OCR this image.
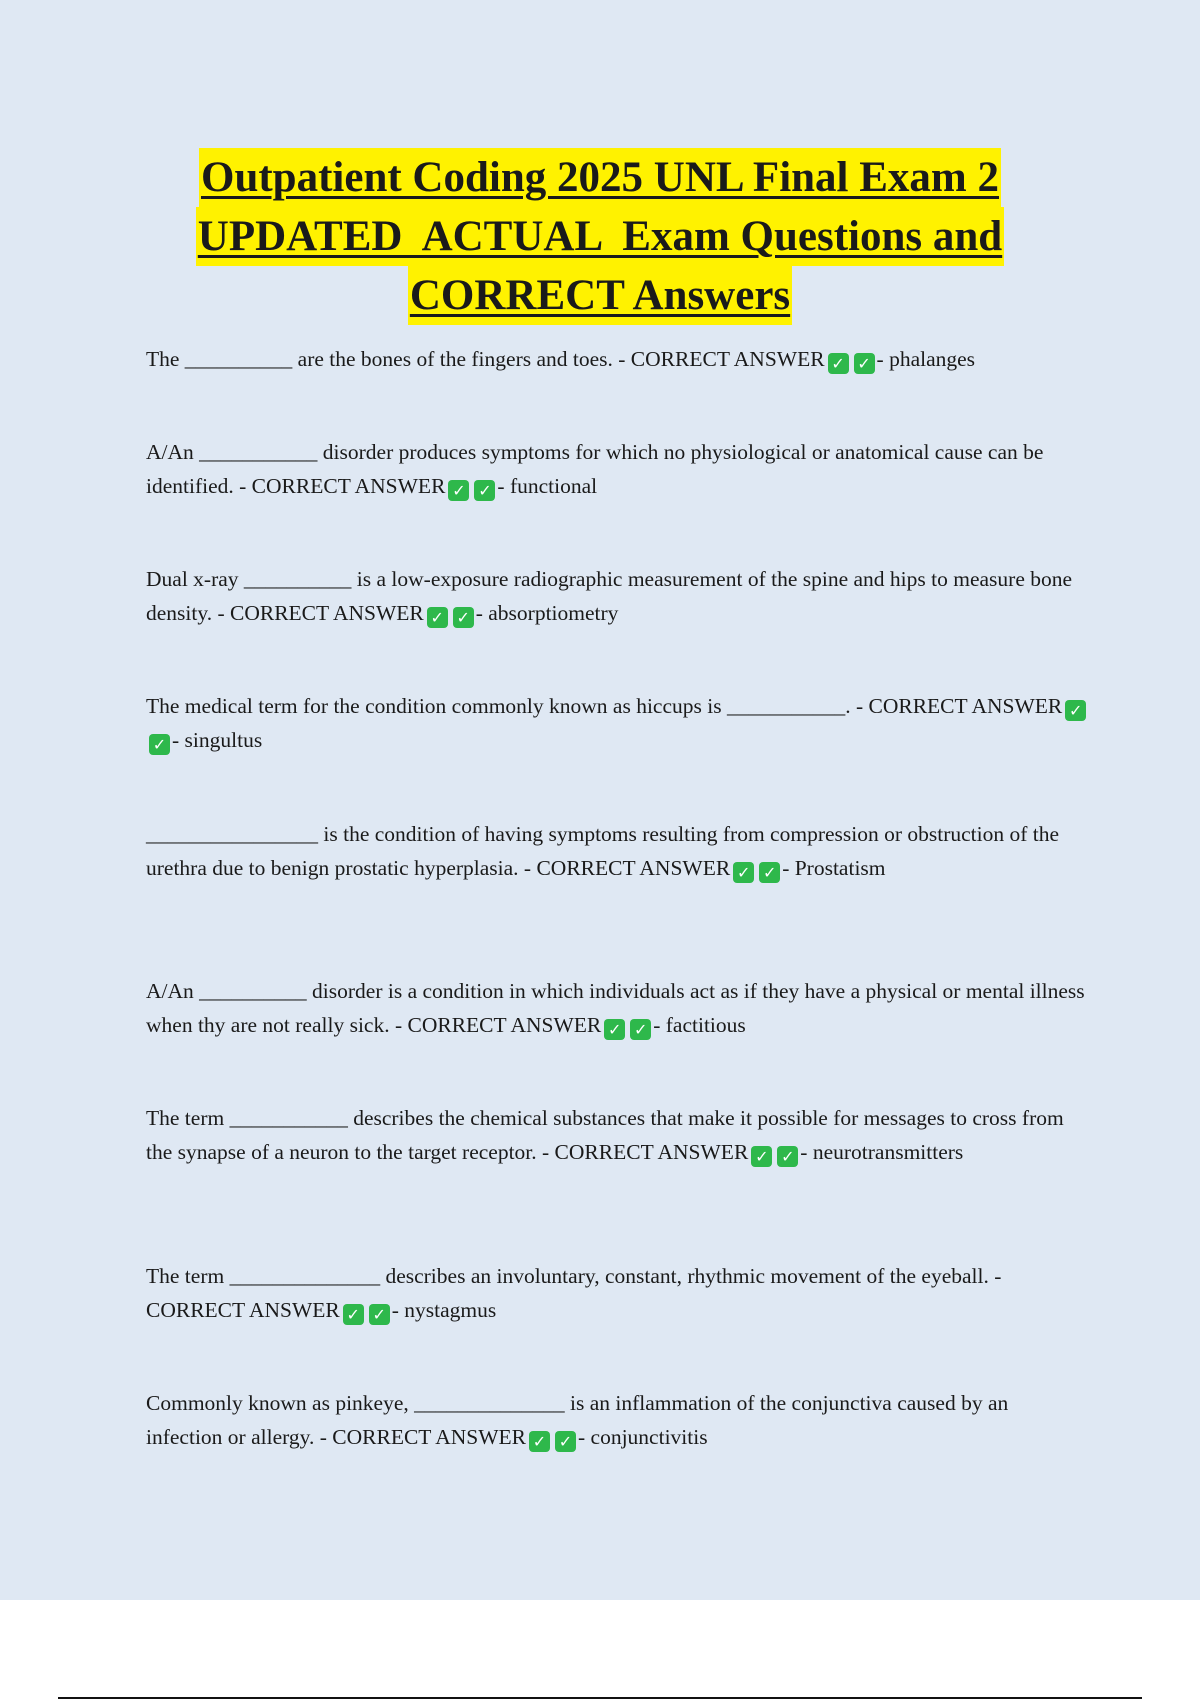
Outpatient Coding 2025 UNL Final Exam 2
UPDATED  ACTUAL  Exam Questions and
CORRECT Answers
The __________ are the bones of the fingers and toes. - CORRECT ANSWER ✓ ✓ - phalanges
A/An ___________ disorder produces symptoms for which no physiological or anatomical cause can be identified. - CORRECT ANSWER ✓ ✓ - functional
Dual x-ray __________ is a low-exposure radiographic measurement of the spine and hips to measure bone density. - CORRECT ANSWER ✓ ✓ - absorptiometry
The medical term for the condition commonly known as hiccups is ___________. - CORRECT ANSWER ✓✓ - singultus
________________ is the condition of having symptoms resulting from compression or obstruction of the urethra due to benign prostatic hyperplasia. - CORRECT ANSWER ✓ ✓ - Prostatism
A/An __________ disorder is a condition in which individuals act as if they have a physical or mental illness when thy are not really sick. - CORRECT ANSWER ✓ ✓ - factitious
The term ___________ describes the chemical substances that make it possible for messages to cross from the synapse of a neuron to the target receptor. - CORRECT ANSWER ✓ ✓ - neurotransmitters
The term ______________ describes an involuntary, constant, rhythmic movement of the eyeball. - CORRECT ANSWER ✓ ✓ - nystagmus
Commonly known as pinkeye, ______________ is an inflammation of the conjunctiva caused by an infection or allergy. - CORRECT ANSWER ✓ ✓ - conjunctivitis
